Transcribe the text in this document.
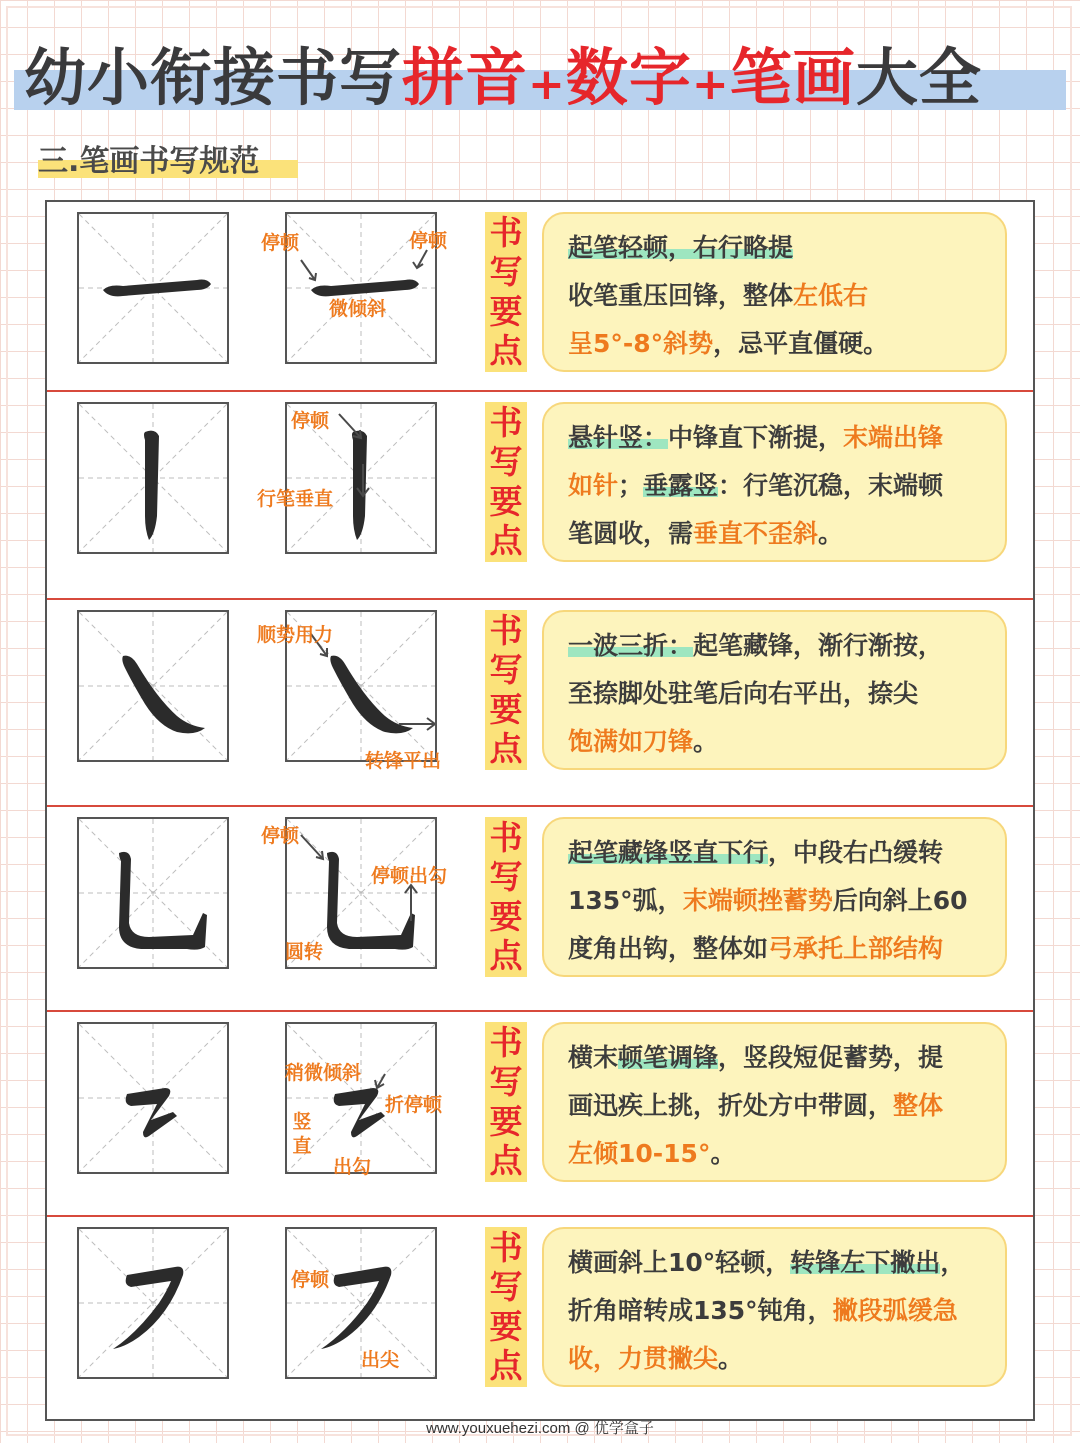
幼小衔接书写拼音+数字+笔画大全
三.笔画书写规范
停顿	停顿
微倾斜
书
写
要
点

起笔轻顿，右行略提

收笔重压回锋，整体左低右

呈5°-8°斜势，忌平直僵硬。

停顿
行笔垂直
书
写
要
点

悬针竖：中锋直下渐提，末端出锋

如针；垂露竖：行笔沉稳，末端顿

笔圆收，需垂直不歪斜。

顺势用力
转锋平出
书
写
要
点

一波三折：起笔藏锋，渐行渐按，

至捺脚处驻笔后向右平出，捺尖

饱满如刀锋。

停顿
停顿出勾
圆转
书
写
要
点

起笔藏锋竖直下行，中段右凸缓转

135°弧，末端顿挫蓄势后向斜上60

度角出钩，整体如弓承托上部结构

稍微倾斜
折停顿
竖直
出勾
书
写
要
点

横末顿笔调锋，竖段短促蓄势，提

画迅疾上挑，折处方中带圆，整体

左倾10-15°。

停顿
出尖
书
写
要
点

横画斜上10°轻顿，转锋左下撇出，

折角暗转成135°钝角，撇段弧缓急

收，力贯撇尖。

www.youxuehezi.com @ 优学盒子
